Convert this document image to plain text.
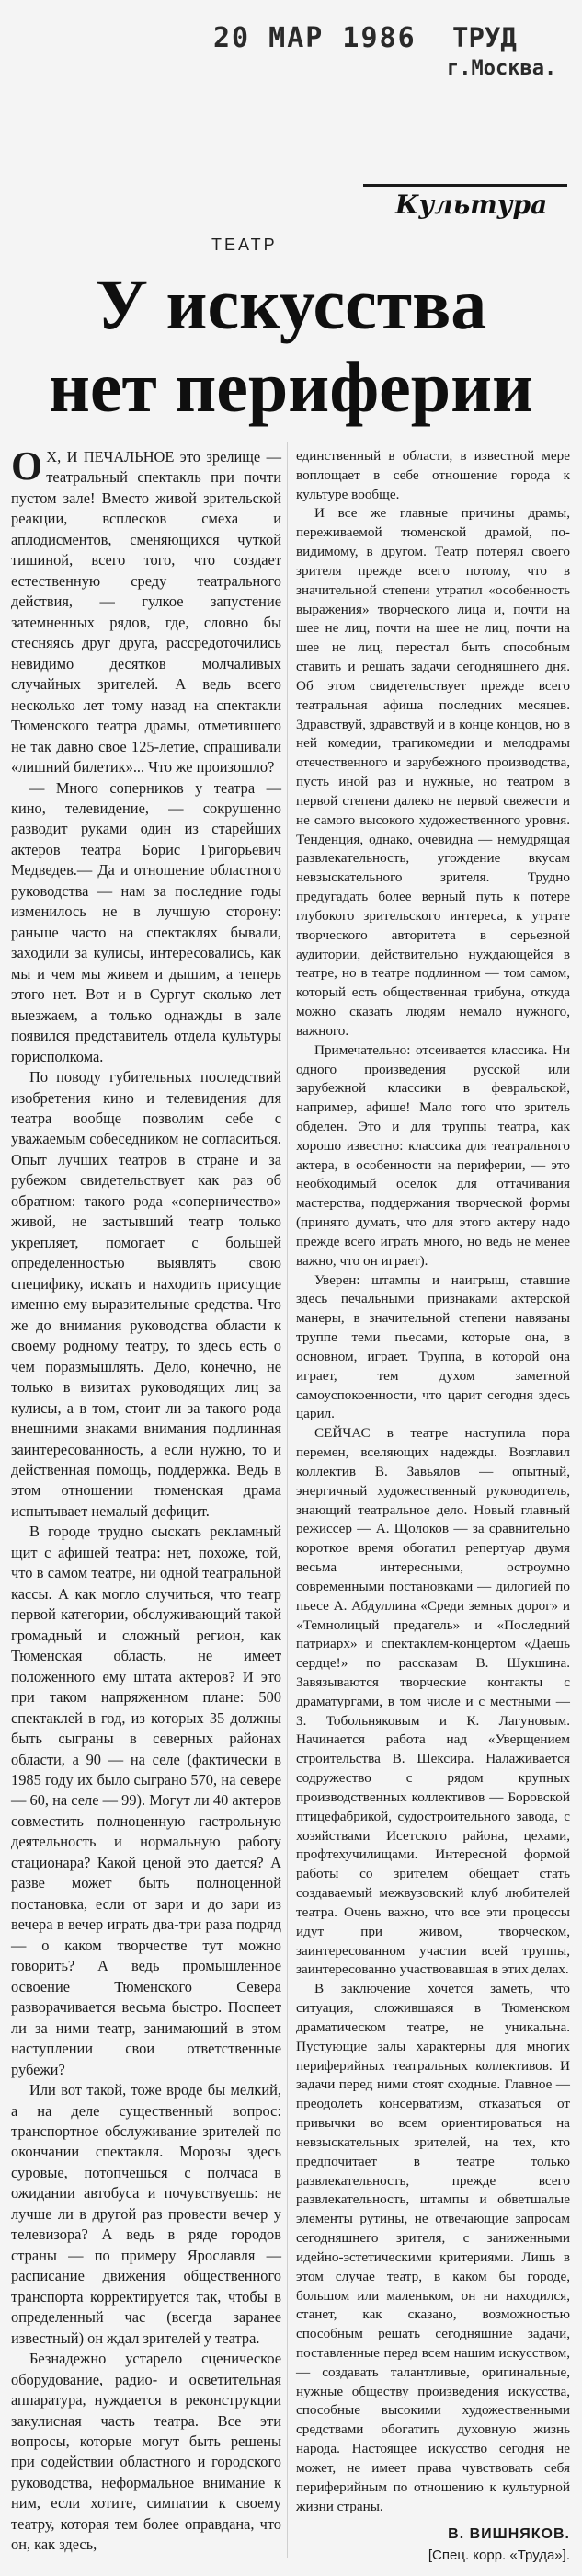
20 МАР 1986 ТРУД
г.Москва.
Культура
ТЕАТР
У искусства
нет периферии

О Х, И ПЕЧАЛЬНОЕ это зрелище — театральный спектакль при почти пустом зале! Вместо живой зрительской реакции, всплесков смеха и аплодисментов, сменяющихся чуткой тишиной, всего того, что создает естественную среду театрального действия, — гулкое запустение затемненных рядов, где, словно бы стесняясь друг друга, рассредоточились невидимо десятков молчаливых случайных зрителей. А ведь всего несколько лет тому назад на спектакли Тюменского театра драмы, отметившего не так давно свое 125-летие, спрашивали «лишний билетик»... Что же произошло?

— Много соперников у театра — кино, телевидение, — сокрушенно разводит руками один из старейших актеров театра Борис Григорьевич Медведев.— Да и отношение областного руководства — нам за последние годы изменилось не в лучшую сторону: раньше часто на спектаклях бывали, заходили за кулисы, интересовались, как мы и чем мы живем и дышим, а теперь этого нет. Вот и в Сургут сколько лет выезжаем, а только однажды в зале появился представитель отдела культуры горисполкома.

По поводу губительных последствий изобретения кино и телевидения для театра вообще позволим себе с уважаемым собеседником не согласиться. Опыт лучших театров в стране и за рубежом свидетельствует как раз об обратном: такого рода «соперничество» живой, не застывший театр только укрепляет, помогает с большей определенностью выявлять свою специфику, искать и находить присущие именно ему выразительные средства. Что же до внимания руководства области к своему родному театру, то здесь есть о чем поразмышлять. Дело, конечно, не только в визитах руководящих лиц за кулисы, а в том, стоит ли за такого рода внешними знаками внимания подлинная заинтересованность, а если нужно, то и действенная помощь, поддержка. Ведь в этом отношении тюменская драма испытывает немалый дефицит.

В городе трудно сыскать рекламный щит с афишей театра: нет, похоже, той, что в самом театре, ни одной театральной кассы. А как могло случиться, что театр первой категории, обслуживающий такой громадный и сложный регион, как Тюменская область, не имеет положенного ему штата актеров? И это при таком напряженном плане: 500 спектаклей в год, из которых 35 должны быть сыграны в северных районах области, а 90 — на селе (фактически в 1985 году их было сыграно 570, на севере — 60, на селе — 99). Могут ли 40 актеров совместить полноценную гастрольную деятельность и нормальную работу стационара? Какой ценой это дается? А разве может быть полноценной постановка, если от зари и до зари из вечера в вечер играть два-три раза подряд — о каком творчестве тут можно говорить? А ведь промышленное освоение Тюменского Севера разворачивается весьма быстро. Поспеет ли за ними театр, занимающий в этом наступлении свои ответственные рубежи?

Или вот такой, тоже вроде бы мелкий, а на деле существенный вопрос: транспортное обслуживание зрителей по окончании спектакля. Морозы здесь суровые, потопчешься с полчаса в ожидании автобуса и почувствуешь: не лучше ли в другой раз провести вечер у телевизора? А ведь в ряде городов страны — по примеру Ярославля — расписание движения общественного транспорта корректируется так, чтобы в определенный час (всегда заранее известный) он ждал зрителей у театра.

Безнадежно устарело сценическое оборудование, радио- и осветительная аппаратура, нуждается в реконструкции закулисная часть театра. Все эти вопросы, которые могут быть решены при содействии областного и городского руководства, неформальное внимание к ним, если хотите, симпатии к своему театру, которая тем более оправдана, что он, как здесь,

единственный в области, в известной мере воплощает в себе отношение города к культуре вообще.

И все же главные причины драмы, переживаемой тюменской драмой, по-видимому, в другом. Театр потерял своего зрителя прежде всего потому, что в значительной степени утратил «особенность выражения» творческого лица и, почти на шее не лиц, почти на шее не лиц, почти на шее не лиц, перестал быть способным ставить и решать задачи сегодняшнего дня. Об этом свидетельствует прежде всего театральная афиша последних месяцев. Здравствуй, здравствуй и в конце концов, но в ней комедии, трагикомедии и мелодрамы отечественного и зарубежного производства, пусть иной раз и нужные, но театром в первой степени далеко не первой свежести и не самого высокого художественного уровня. Тенденция, однако, очевидна — немудрящая развлекательность, угождение вкусам невзыскательного зрителя. Трудно предугадать более верный путь к потере глубокого зрительского интереса, к утрате творческого авторитета в серьезной аудитории, действительно нуждающейся в театре, но в театре подлинном — том самом, который есть общественная трибуна, откуда можно сказать людям немало нужного, важного.

Примечательно: отсеивается классика. Ни одного произведения русской или зарубежной классики в февральской, например, афише! Мало того что зритель обделен. Это и для труппы театра, как хорошо известно: классика для театрального актера, в особенности на периферии, — это необходимый оселок для оттачивания мастерства, поддержания творческой формы (принято думать, что для этого актеру надо прежде всего играть много, но ведь не менее важно, что он играет).

Уверен: штампы и наигрыш, ставшие здесь печальными признаками актерской манеры, в значительной степени навязаны труппе теми пьесами, которые она, в основном, играет. Труппа, в которой она играет, тем духом заметной самоуспокоенности, что царит сегодня здесь царил.

СЕЙЧАС в театре наступила пора перемен, вселяющих надежды. Возглавил коллектив В. Завьялов — опытный, энергичный художественный руководитель, знающий театральное дело. Новый главный режиссер — А. Щолоков — за сравнительно короткое время обогатил репертуар двумя весьма интересными, остроумно современными постановками — дилогией по пьесе А. Абдуллина «Среди земных дорог» и «Темнолицый предатель» и «Последний патриарх» и спектаклем-концертом «Даешь сердце!» по рассказам В. Шукшина. Завязываются творческие контакты с драматургами, в том числе и с местными — З. Тобольняковым и К. Лагуновым. Начинается работа над «Уверщением строительства В. Шексира. Налаживается содружество с рядом крупных производственных коллективов — Боровской птицефабрикой, судостроительного завода, с хозяйствами Исетского района, цехами, профтехучилищами. Интересной формой работы со зрителем обещает стать создаваемый межвузовский клуб любителей театра. Очень важно, что все эти процессы идут при живом, творческом, заинтересованном участии всей труппы, заинтересованно участвовавшая в этих делах.

В заключение хочется заметь, что ситуация, сложившаяся в Тюменском драматическом театре, не уникальна. Пустующие залы характерны для многих периферийных театральных коллективов. И задачи перед ними стоят сходные. Главное — преодолеть консерватизм, отказаться от привычки во всем ориентироваться на невзыскательных зрителей, на тех, кто предпочитает в театре только развлекательность, прежде всего развлекательность, штампы и обветшалые элементы рутины, не отвечающие запросам сегодняшнего зрителя, с заниженными идейно-эстетическими критериями. Лишь в этом случае театр, в каком бы городе, большом или маленьком, он ни находился, станет, как сказано, возможностью способным решать сегодняшние задачи, поставленные перед всем нашим искусством, — создавать талантливые, оригинальные, нужные обществу произведения искусства, способные высокими художественными средствами обогатить духовную жизнь народа. Настоящее искусство сегодня не может, не имеет права чувствовать себя периферийным по отношению к культурной жизни страны.

В. ВИШНЯКОВ.
[Спец. корр. «Труда»].
